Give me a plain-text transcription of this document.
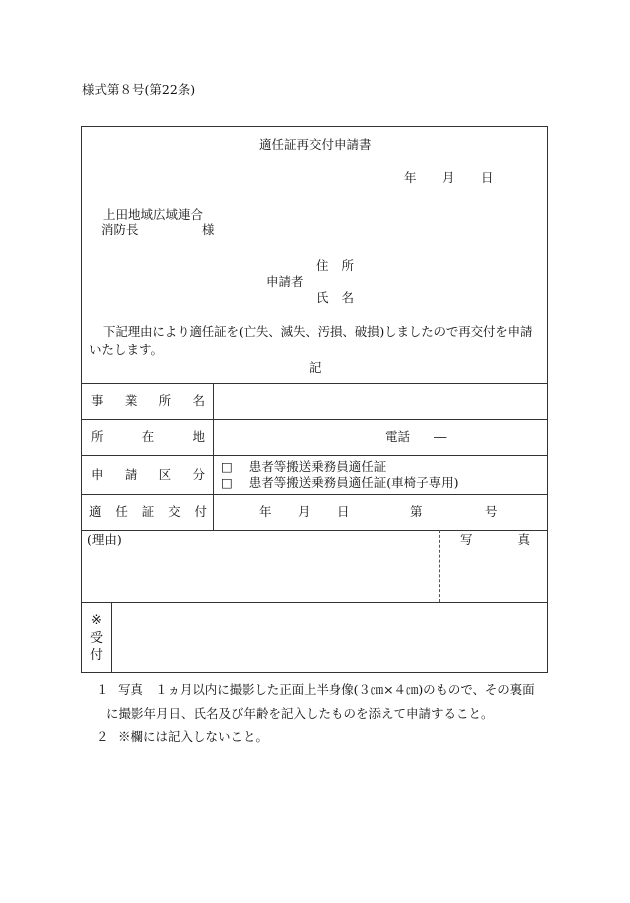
様式第８号(第22条)
適任証再交付申請書
年 月 日
上田地域広域連合
消防長	様
住 所
申請者
氏 名
下記理由により適任証を(亡失、滅失、汚損、破損)しましたので再交付を申請
いたします。
記
事 業 所 名
所	在	地	電話 ―
申 請 区 分
□ 患者等搬送乗務員適任証
□ 患者等搬送乗務員適任証(車椅子専用)
適 任 証 交 付	年 月 日	第	号
(理由)	写	真
※
受
付
１ 写真　１ヵ月以内に撮影した正面上半身像(３㎝×４㎝)のもので、その裏面
に撮影年月日、氏名及び年齢を記入したものを添えて申請すること。
２ ※欄には記入しないこと。
